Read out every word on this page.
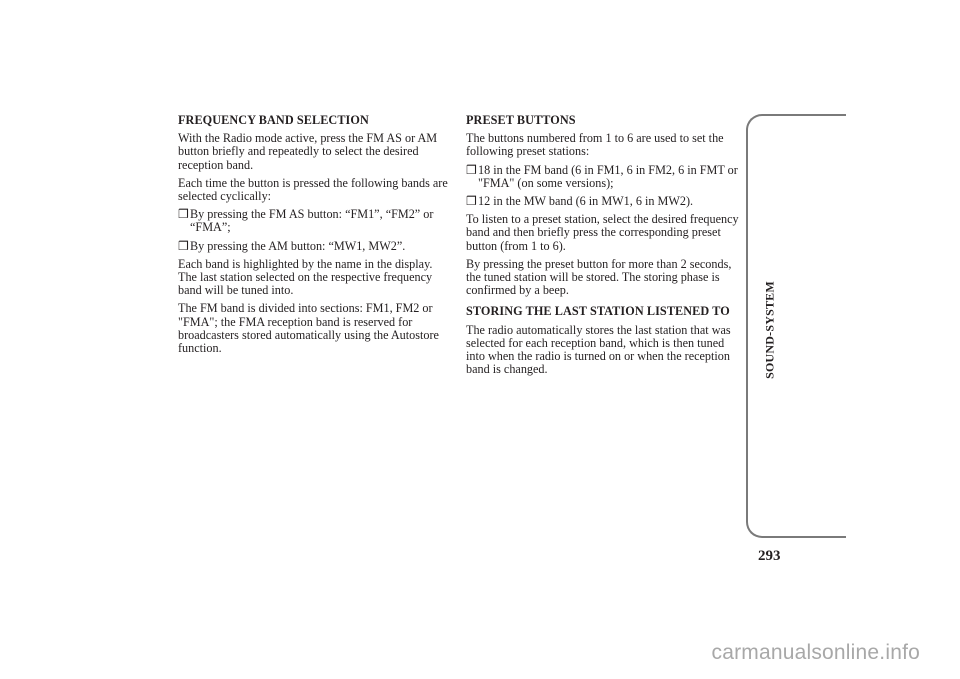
FREQUENCY BAND SELECTION

With the Radio mode active, press the FM AS or AM button briefly and repeatedly to select the desired reception band.

Each time the button is pressed the following bands are selected cyclically:

❒ By pressing the FM AS button: “FM1”, “FM2” or “FMA”;
❒ By pressing the AM button: “MW1, MW2”.

Each band is highlighted by the name in the display. The last station selected on the respective frequency band will be tuned into.

The FM band is divided into sections: FM1, FM2 or "FMA"; the FMA reception band is reserved for broadcasters stored automatically using the Autostore function.

PRESET BUTTONS

The buttons numbered from 1 to 6 are used to set the following preset stations:

❒ 18 in the FM band (6 in FM1, 6 in FM2, 6 in FMT or "FMA" (on some versions);
❒ 12 in the MW band (6 in MW1, 6 in MW2).

To listen to a preset station, select the desired frequency band and then briefly press the corresponding preset button (from 1 to 6).

By pressing the preset button for more than 2 seconds, the tuned station will be stored. The storing phase is confirmed by a beep.

STORING THE LAST STATION LISTENED TO

The radio automatically stores the last station that was selected for each reception band, which is then tuned into when the radio is turned on or when the reception band is changed.	SOUND-SYSTEM
293
carmanualsonline.info
